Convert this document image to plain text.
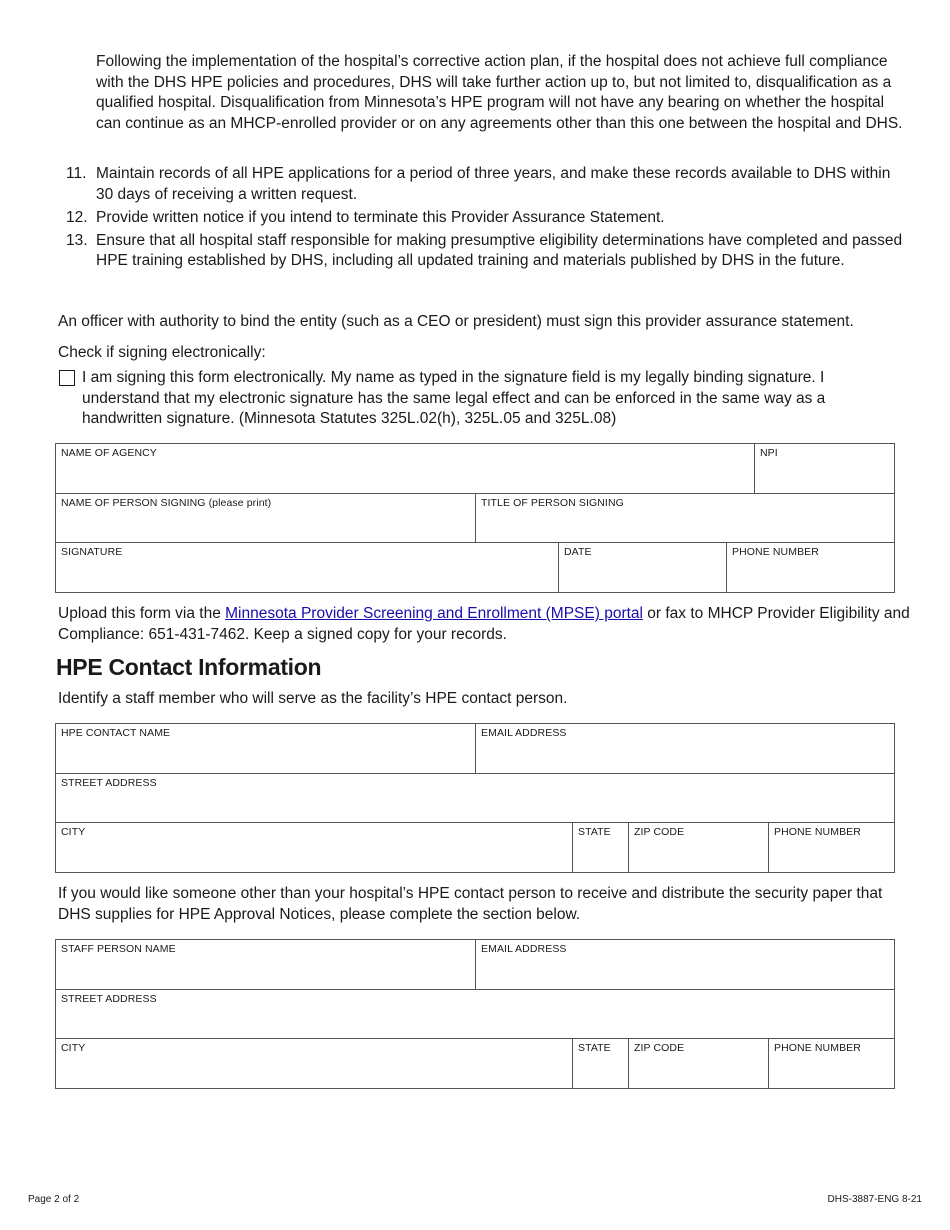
Following the implementation of the hospital’s corrective action plan, if the hospital does not achieve full compliance with the DHS HPE policies and procedures, DHS will take further action up to, but not limited to, disqualification as a qualified hospital. Disqualification from Minnesota’s HPE program will not have any bearing on whether the hospital can continue as an MHCP-enrolled provider or on any agreements other than this one between the hospital and DHS.

11. Maintain records of all HPE applications for a period of three years, and make these records available to DHS within 30 days of receiving a written request.
12. Provide written notice if you intend to terminate this Provider Assurance Statement.
13. Ensure that all hospital staff responsible for making presumptive eligibility determinations have completed and passed HPE training established by DHS, including all updated training and materials published by DHS in the future.

An officer with authority to bind the entity (such as a CEO or president) must sign this provider assurance statement.

Check if signing electronically:

I am signing this form electronically. My name as typed in the signature field is my legally binding signature. I understand that my electronic signature has the same legal effect and can be enforced in the same way as a handwritten signature. (Minnesota Statutes 325L.02(h), 325L.05 and 325L.08)
NAME OF AGENCY	NPI
NAME OF PERSON SIGNING (please print)	TITLE OF PERSON SIGNING
SIGNATURE	DATE	PHONE NUMBER

Upload this form via the Minnesota Provider Screening and Enrollment (MPSE) portal or fax to MHCP Provider Eligibility and Compliance: 651-431-7462. Keep a signed copy for your records.

HPE Contact Information

Identify a staff member who will serve as the facility’s HPE contact person.

HPE CONTACT NAME	EMAIL ADDRESS
STREET ADDRESS
CITY	STATE	ZIP CODE	PHONE NUMBER

If you would like someone other than your hospital’s HPE contact person to receive and distribute the security paper that DHS supplies for HPE Approval Notices, please complete the section below.

STAFF PERSON NAME	EMAIL ADDRESS
STREET ADDRESS
CITY	STATE	ZIP CODE	PHONE NUMBER
Page 2 of 2	DHS-3887-ENG 8-21
